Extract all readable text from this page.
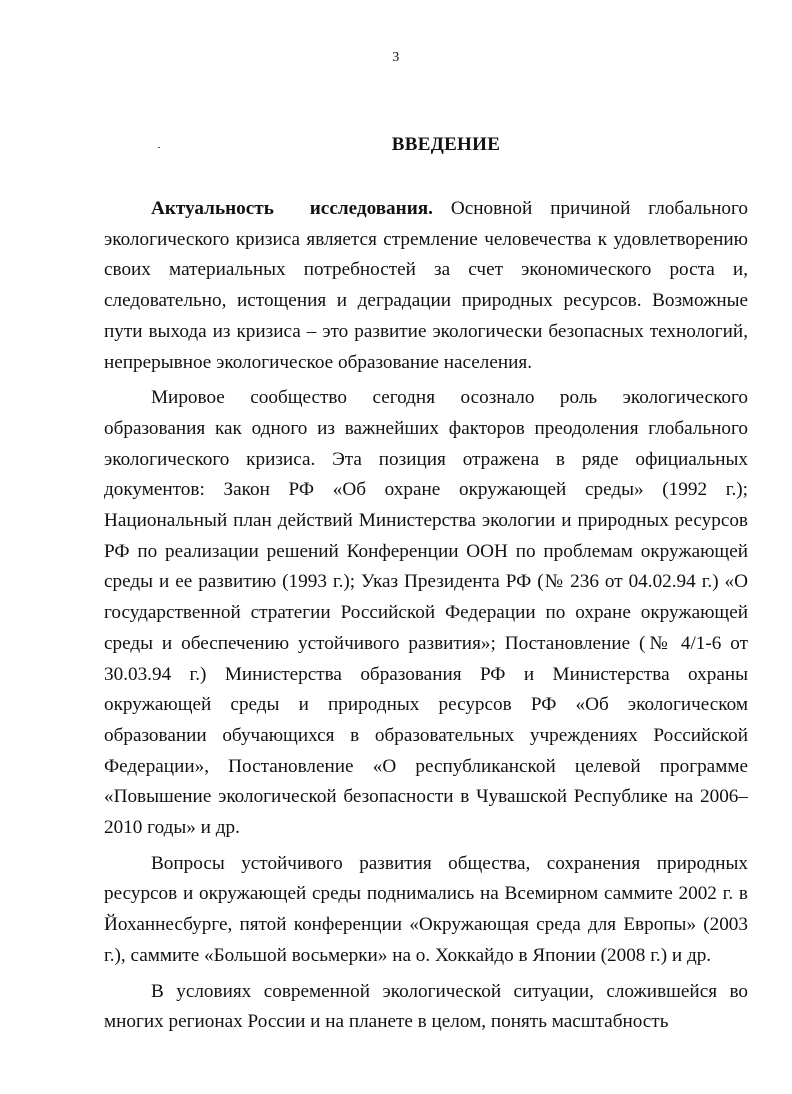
3
ВВЕДЕНИЕ

Актуальность исследования. Основной причиной глобального экологического кризиса является стремление человечества к удовлетворению своих материальных потребностей за счет экономического роста и, следовательно, истощения и деградации природных ресурсов. Возможные пути выхода из кризиса – это развитие экологически безопасных технологий, непрерывное экологическое образование населения.

Мировое сообщество сегодня осознало роль экологического образования как одного из важнейших факторов преодоления глобального экологического кризиса. Эта позиция отражена в ряде официальных документов: Закон РФ «Об охране окружающей среды» (1992 г.); Национальный план действий Министерства экологии и природных ресурсов РФ по реализации решений Конференции ООН по проблемам окружающей среды и ее развитию (1993 г.); Указ Президента РФ (№ 236 от 04.02.94 г.) «О государственной стратегии Российской Федерации по охране окружающей среды и обеспечению устойчивого развития»; Постановление (№ 4/1-6 от 30.03.94 г.) Министерства образования РФ и Министерства охраны окружающей среды и природных ресурсов РФ «Об экологическом образовании обучающихся в образовательных учреждениях Российской Федерации», Постановление «О республиканской целевой программе «Повышение экологической безопасности в Чувашской Республике на 2006–2010 годы» и др.

Вопросы устойчивого развития общества, сохранения природных ресурсов и окружающей среды поднимались на Всемирном саммите 2002 г. в Йоханнесбурге, пятой конференции «Окружающая среда для Европы» (2003 г.), саммите «Большой восьмерки» на о. Хоккайдо в Японии (2008 г.) и др.

В условиях современной экологической ситуации, сложившейся во многих регионах России и на планете в целом, понять масштабность
